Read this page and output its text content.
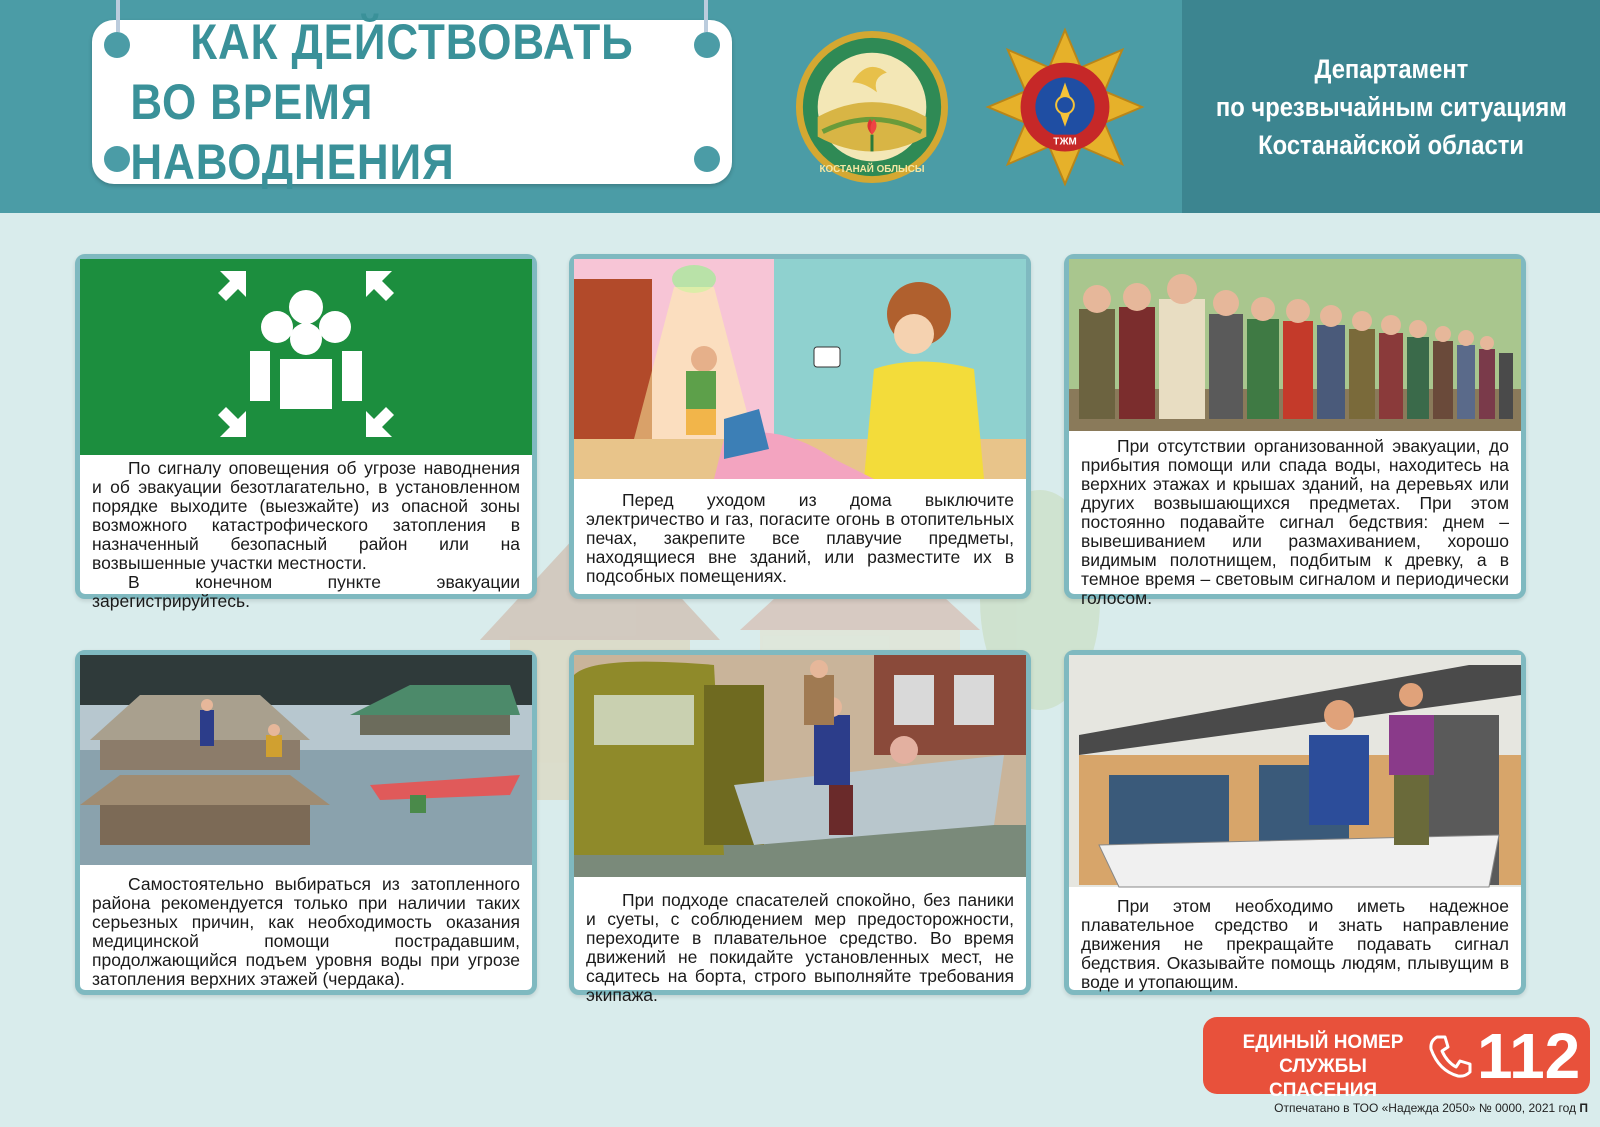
КАК ДЕЙСТВОВАТЬ
ВО ВРЕМЯ НАВОДНЕНИЯ	КОСТАНАЙ ОБЛЫСЫ
ТЖМ
Департамент
по чрезвычайным ситуациям
Костанайской области

По сигналу оповещения об угрозе наводнения и об эвакуации безотлагательно, в установленном порядке выходите (выезжайте) из опасной зоны возможного катастрофического затопления в назначенный безопасный район или на возвышенные участки местности.

В конечном пункте эвакуации зарегистрируйтесь.

Перед уходом из дома выключите электричество и газ, погасите огонь в отопительных печах, закрепите все плавучие предметы, находящиеся вне зданий, или разместите их в подсобных помещениях.

При отсутствии организованной эвакуации, до прибытия помощи или спада воды, находитесь на верхних этажах и крышах зданий, на деревьях или других возвышающихся предметах. При этом постоянно подавайте сигнал бедствия: днем – вывешиванием или размахиванием, хорошо видимым полотнищем, подбитым к древку, а в темное время – световым сигналом и периодически голосом.

Самостоятельно выбираться из затопленного района рекомендуется только при наличии таких серьезных причин, как необходимость оказания медицинской помощи пострадавшим, продолжающийся подъем уровня воды при угрозе затопления верхних этажей (чердака).

При подходе спасателей спокойно, без паники и суеты, с соблюдением мер предосторожности, переходите в плавательное средство. Во время движений не покидайте установленных мест, не садитесь на борта, строго выполняйте требования экипажа.

При этом необходимо иметь надежное плавательное средство и знать направление движения не прекращайте подавать сигнал бедствия. Оказывайте помощь людям, плывущим в воде и утопающим.

ЕДИНЫЙ НОМЕР
СЛУЖБЫ СПАСЕНИЯ	112
Отпечатано в ТОО «Надежда 2050» № 0000, 2021 год П
